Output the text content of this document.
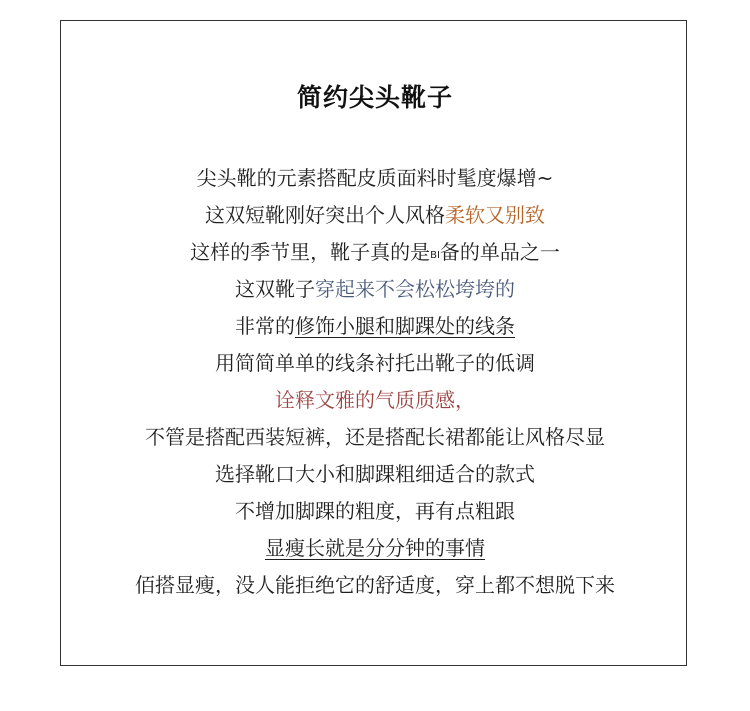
简约尖头靴子
尖头靴的元素搭配皮质面料时髦度爆增~
这双短靴刚好突出个人风格柔软又别致
这样的季节里，靴子真的是BI备的单品之一
这双靴子穿起来不会松松垮垮的
非常的修饰小腿和脚踝处的线条
用简简单单的线条衬托出靴子的低调
诠释文雅的气质质感，
不管是搭配西装短裤，还是搭配长裙都能让风格尽显
选择靴口大小和脚踝粗细适合的款式
不增加脚踝的粗度，再有点粗跟
显瘦长就是分分钟的事情
佰搭显瘦，没人能拒绝它的舒适度，穿上都不想脱下来
